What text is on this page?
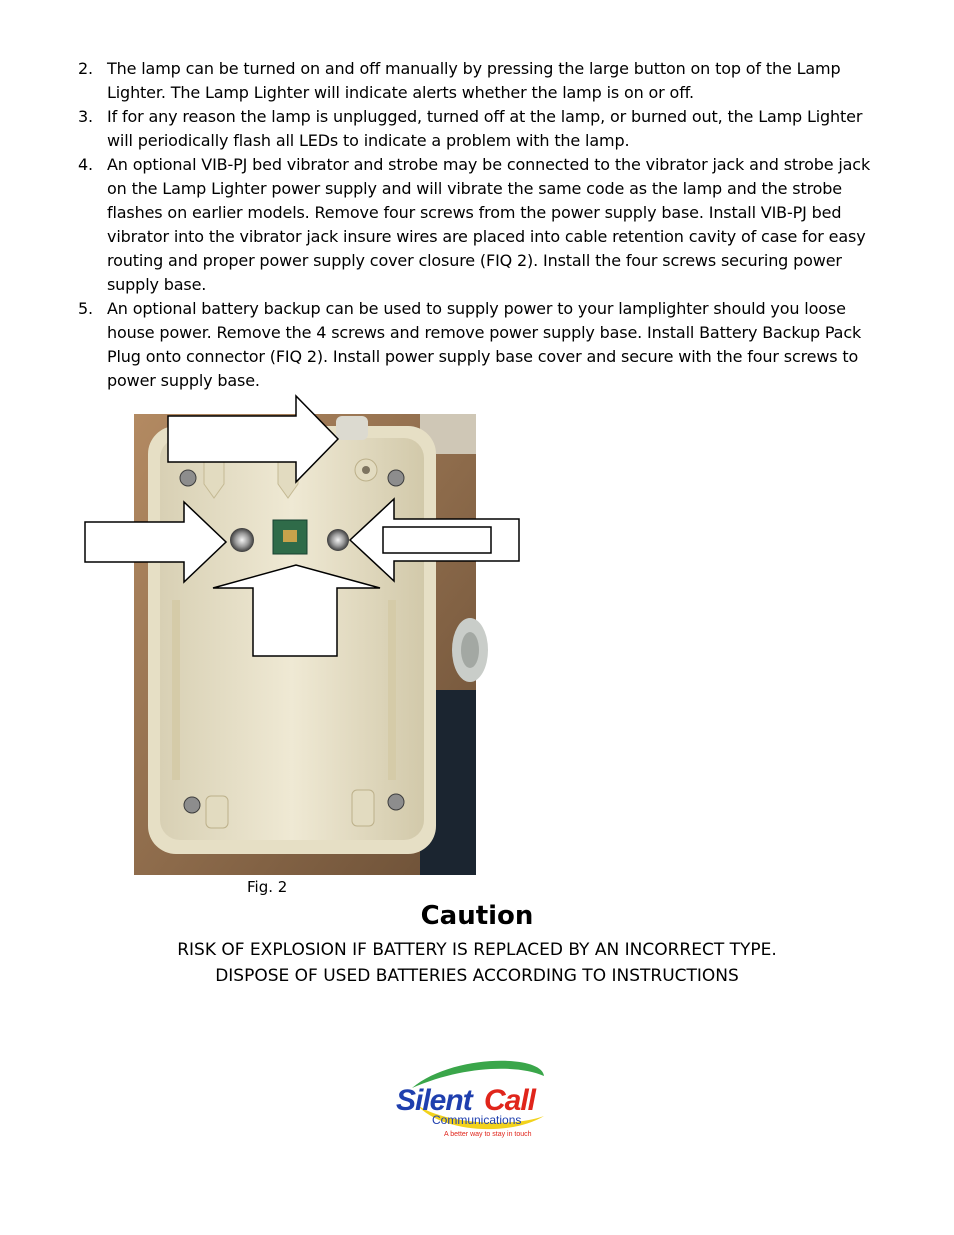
2. The lamp can be turned on and off manually by pressing the large button on top of the Lamp Lighter. The Lamp Lighter will indicate alerts whether the lamp is on or off.
3. If for any reason the lamp is unplugged, turned off at the lamp, or burned out, the Lamp Lighter will periodically flash all LEDs to indicate a problem with the lamp.
4. An optional VIB-PJ bed vibrator and strobe may be connected to the vibrator jack and strobe jack on the Lamp Lighter power supply and will vibrate the same code as the lamp and the strobe flashes on earlier models. Remove four screws from the power supply base. Install VIB-PJ bed vibrator into the vibrator jack insure wires are placed into cable retention cavity of case for easy routing and proper power supply cover closure (FIQ 2). Install the four screws securing power supply base.
5. An optional battery backup can be used to supply power to your lamplighter should you loose house power. Remove the 4 screws and remove power supply base. Install Battery Backup Pack Plug onto connector (FIQ 2). Install power supply base cover and secure with the four screws to power supply base.
Fig. 2
Caution
RISK OF EXPLOSION IF BATTERY IS REPLACED BY AN INCORRECT TYPE.
DISPOSE OF USED BATTERIES ACCORDING TO INSTRUCTIONS
Silent Call
Communications
A better way to stay in touch
